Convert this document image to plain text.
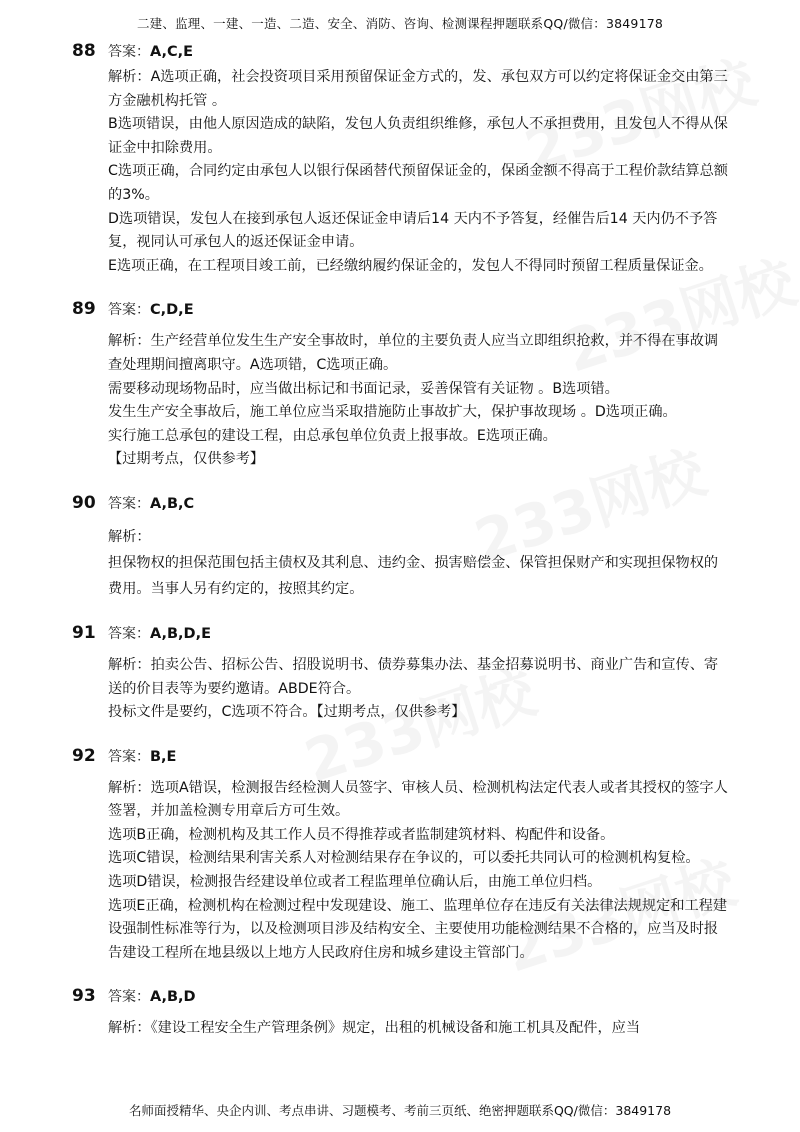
二建、监理、一建、一造、二造、安全、消防、咨询、检测课程押题联系QQ/微信：3849178
88 答案：A,C,E

解析：A选项正确，社会投资项目采用预留保证金方式的，发、承包双方可以约定将保证金交由第三方金融机构托管 。

B选项错误，由他人原因造成的缺陷，发包人负责组织维修，承包人不承担费用，且发包人不得从保证金中扣除费用。

C选项正确，合同约定由承包人以银行保函替代预留保证金的，保函金额不得高于工程价款结算总额的3%。

D选项错误，发包人在接到承包人返还保证金申请后14 天内不予答复，经催告后14 天内仍不予答复，视同认可承包人的返还保证金申请。

E选项正确，在工程项目竣工前，已经缴纳履约保证金的，发包人不得同时预留工程质量保证金。

89 答案：C,D,E

解析：生产经营单位发生生产安全事故时，单位的主要负责人应当立即组织抢救，并不得在事故调查处理期间擅离职守。A选项错，C选项正确。

需要移动现场物品时，应当做出标记和书面记录，妥善保管有关证物 。B选项错。

发生生产安全事故后，施工单位应当采取措施防止事故扩大，保护事故现场 。D选项正确。

实行施工总承包的建设工程，由总承包单位负责上报事故。E选项正确。

【过期考点，仅供参考】

90 答案：A,B,C

解析：

担保物权的担保范围包括主债权及其利息、违约金、损害赔偿金、保管担保财产和实现担保物权的费用。当事人另有约定的，按照其约定。

91 答案：A,B,D,E

解析：拍卖公告、招标公告、招股说明书、债券募集办法、基金招募说明书、商业广告和宣传、寄送的价目表等为要约邀请。ABDE符合。

投标文件是要约，C选项不符合。【过期考点，仅供参考】

92 答案：B,E

解析：选项A错误，检测报告经检测人员签字、审核人员、检测机构法定代表人或者其授权的签字人签署，并加盖检测专用章后方可生效。

选项B正确，检测机构及其工作人员不得推荐或者监制建筑材料、构配件和设备。

选项C错误，检测结果利害关系人对检测结果存在争议的，可以委托共同认可的检测机构复检。

选项D错误，检测报告经建设单位或者工程监理单位确认后，由施工单位归档。

选项E正确，检测机构在检测过程中发现建设、施工、监理单位存在违反有关法律法规规定和工程建设强制性标准等行为，以及检测项目涉及结构安全、主要使用功能检测结果不合格的，应当及时报告建设工程所在地县级以上地方人民政府住房和城乡建设主管部门。

93 答案：A,B,D

解析：《建设工程安全生产管理条例》规定，出租的机械设备和施工机具及配件，应当

名师面授精华、央企内训、考点串讲、习题模考、考前三页纸、绝密押题联系QQ/微信：3849178
